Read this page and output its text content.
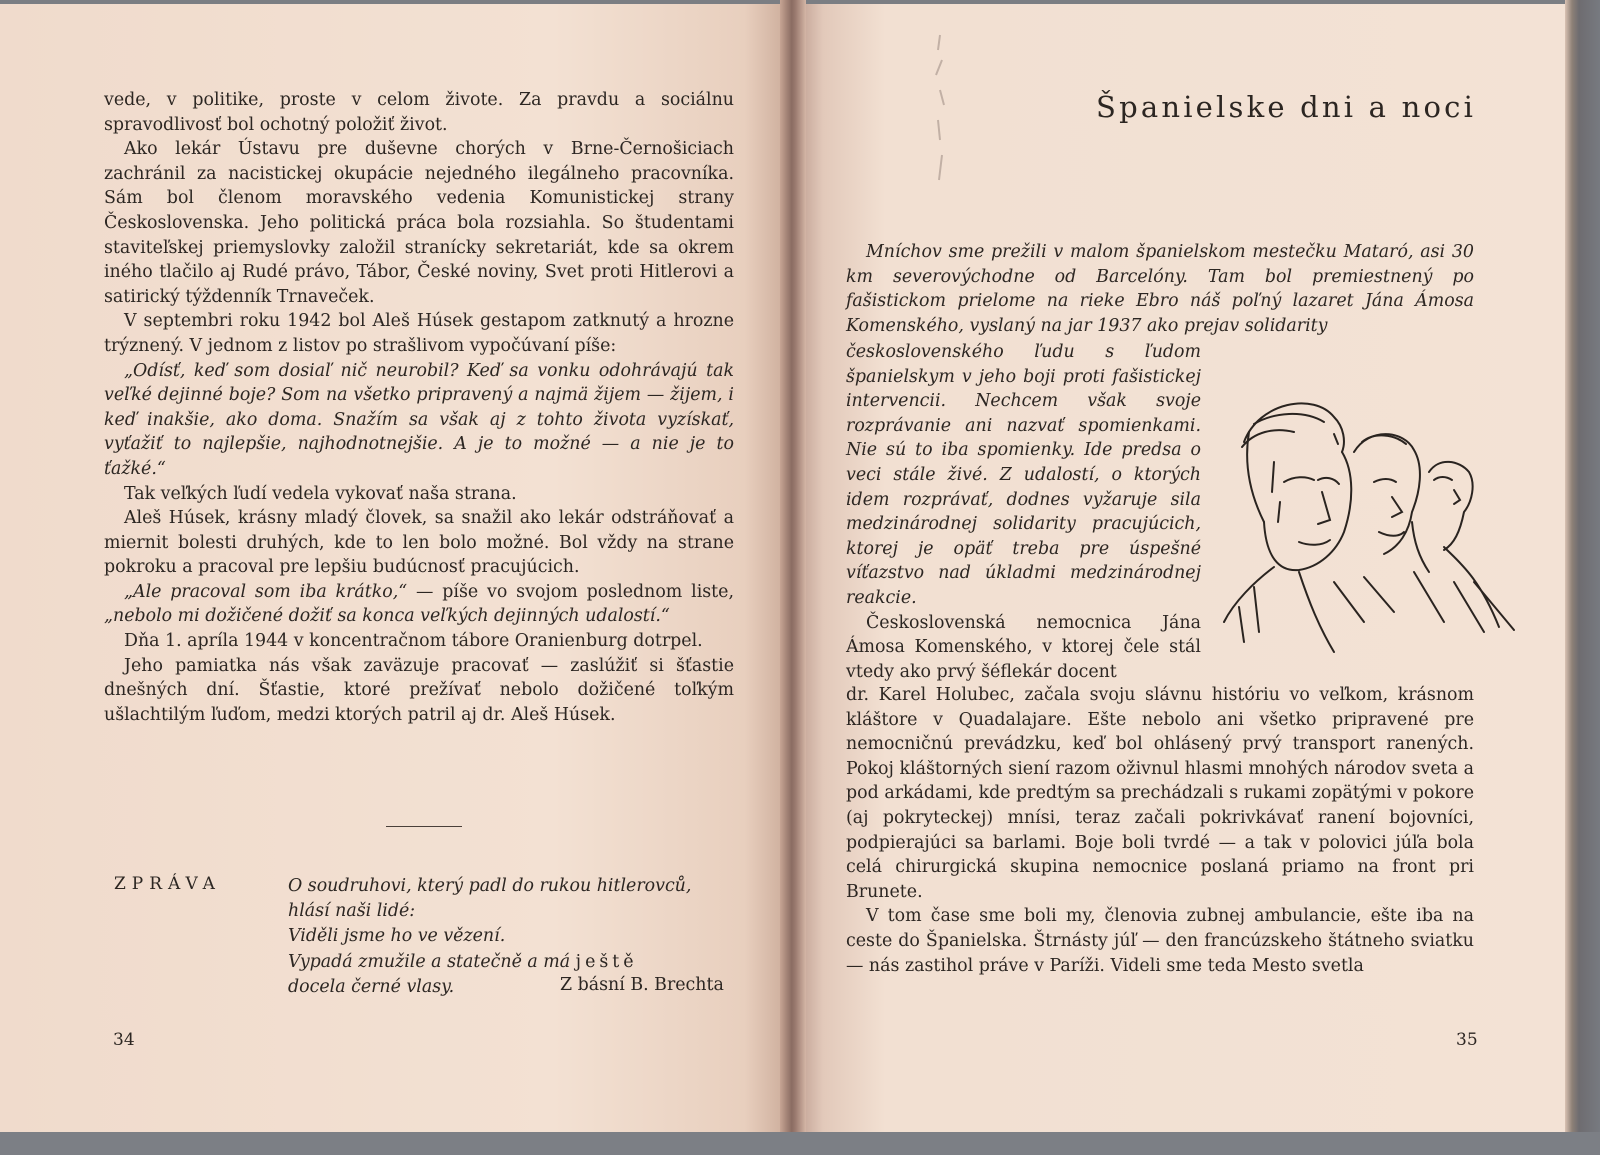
vede, v politike, proste v celom živote. Za pravdu a sociálnu spravodlivosť bol ochotný položiť život.

Ako lekár Ústavu pre duševne chorých v Brne-Černošiciach zachránil za nacistickej okupácie nejedného ilegálneho pracovníka. Sám bol členom moravského vedenia Komunistickej strany Československa. Jeho politická práca bola rozsiahla. So študentami staviteľskej priemyslovky založil stranícky sekretariát, kde sa okrem iného tlačilo aj Rudé právo, Tábor, České noviny, Svet proti Hitlerovi a satirický týždenník Trnaveček.

V septembri roku 1942 bol Aleš Húsek gestapom zatknutý a hrozne trýznený. V jednom z listov po strašlivom vypočúvaní píše:

„Odísť, keď som dosiaľ nič neurobil? Keď sa vonku odohrávajú tak veľké dejinné boje? Som na všetko pripravený a najmä žijem — žijem, i keď inakšie, ako doma. Snažím sa však aj z tohto života vyzískať, vyťažiť to najlepšie, najhodnotnejšie. A je to možné — a nie je to ťažké.“

Tak veľkých ľudí vedela vykovať naša strana.

Aleš Húsek, krásny mladý človek, sa snažil ako lekár odstráňovať a miernit bolesti druhých, kde to len bolo možné. Bol vždy na strane pokroku a pracoval pre lepšiu budúcnosť pracujúcich.

„Ale pracoval som iba krátko,“ — píše vo svojom poslednom liste, „nebolo mi dožičené dožiť sa konca veľkých dejinných udalostí.“

Dňa 1. apríla 1944 v koncentračnom tábore Oranienburg dotrpel.

Jeho pamiatka nás však zaväzuje pracovať — zaslúžiť si šťastie dnešných dní. Šťastie, ktoré prežívať nebolo dožičené toľkým ušlachtilým ľuďom, medzi ktorých patril aj dr. Aleš Húsek.

ZPRÁVA	O soudruhovi, který padl do rukou hitlerovců,
hlásí naši lidé:
Viděli jsme ho ve vězení.
Vypadá zmužile a statečně a má ještě
docela černé vlasy.	Z básní B. Brechta
34
Španielske dni a noci

Mníchov sme prežili v malom španielskom mestečku Mataró, asi 30 km severovýchodne od Barcelóny. Tam bol premiestnený po fašistickom prielome na rieke Ebro náš poľný lazaret Jána Ámosa Komenského, vyslaný na jar 1937 ako prejav solidarity

československého ľudu s ľudom španielskym v jeho boji proti fašistickej intervencii. Nechcem však svoje rozprávanie ani nazvať spomienkami. Nie sú to iba spomienky. Ide predsa o veci stále živé. Z udalostí, o ktorých idem rozprávať, dodnes vyžaruje sila medzinárodnej solidarity pracujúcich, ktorej je opäť treba pre úspešné víťazstvo nad úkladmi medzinárodnej reakcie.

Československá nemocnica Jána Ámosa Komenského, v ktorej čele stál vtedy ako prvý šéflekár docent

dr. Karel Holubec, začala svoju slávnu históriu vo veľkom, krásnom kláštore v Quadalajare. Ešte nebolo ani všetko pripravené pre nemocničnú prevádzku, keď bol ohlásený prvý transport ranených. Pokoj kláštorných siení razom oživnul hlasmi mnohých národov sveta a pod arkádami, kde predtým sa prechádzali s rukami zopätými v pokore (aj pokryteckej) mnísi, teraz začali pokrivkávať ranení bojovníci, podpierajúci sa barlami. Boje boli tvrdé — a tak v polovici júľa bola celá chirurgická skupina nemocnice poslaná priamo na front pri Brunete.

V tom čase sme boli my, členovia zubnej ambulancie, ešte iba na ceste do Španielska. Štrnásty júľ — den francúzskeho štátneho sviatku — nás zastihol práve v Paríži. Videli sme teda Mesto svetla

35
